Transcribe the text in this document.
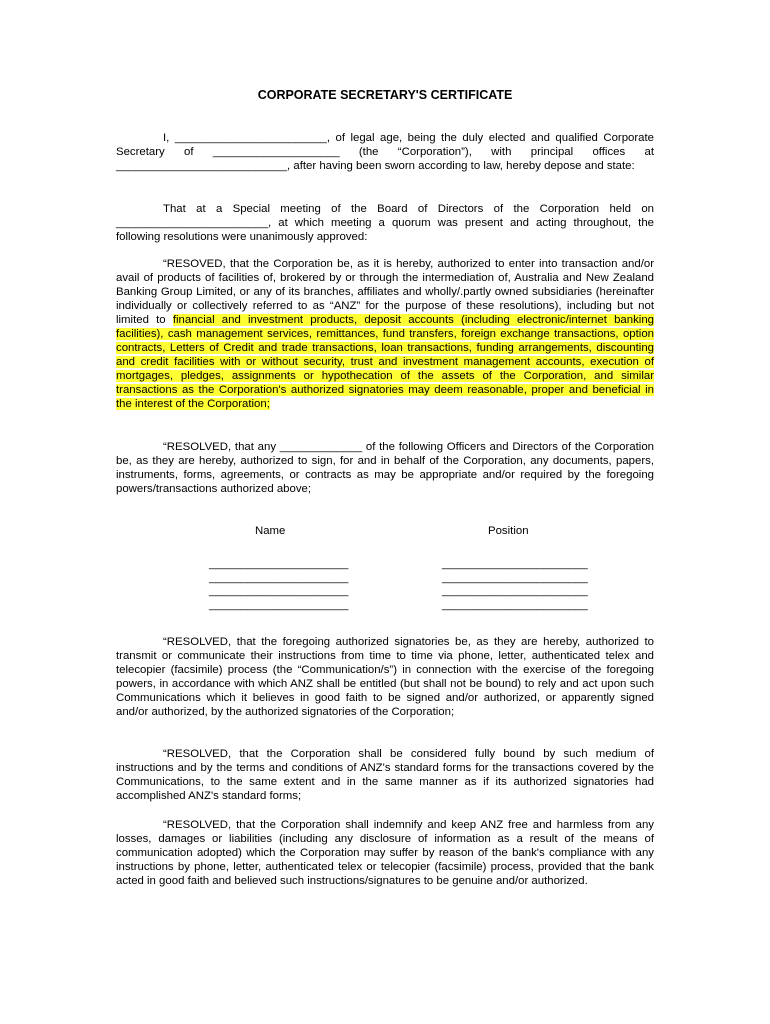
CORPORATE SECRETARY'S CERTIFICATE
I, ________________________, of legal age, being the duly elected and qualified Corporate Secretary of ____________________ (the “Corporation”), with principal offices at ___________________________, after having been sworn according to law, hereby depose and state:
That at a Special meeting of the Board of Directors of the Corporation held on ________________________, at which meeting a quorum was present and acting throughout, the following resolutions were unanimously approved:
“RESOVED, that the Corporation be, as it is hereby, authorized to enter into transaction and/or avail of products of facilities of, brokered by or through the intermediation of, Australia and New Zealand Banking Group Limited, or any of its branches, affiliates and wholly/.partly owned subsidiaries (hereinafter individually or collectively referred to as “ANZ” for the purpose of these resolutions), including but not limited to financial and investment products, deposit accounts (including electronic/internet banking facilities), cash management services, remittances, fund transfers, foreign exchange transactions, option contracts, Letters of Credit and trade transactions, loan transactions, funding arrangements, discounting and credit facilities with or without security, trust and investment management accounts, execution of mortgages, pledges, assignments or hypothecation of the assets of the Corporation, and similar transactions as the Corporation's authorized signatories may deem reasonable, proper and beneficial in the interest of the Corporation;
“RESOLVED, that any _____________ of the following Officers and Directors of the Corporation be, as they are hereby, authorized to sign, for and in behalf of the Corporation, any documents, papers, instruments, forms, agreements, or contracts as may be appropriate and/or required by the foregoing powers/transactions authorized above;
Name	Position
______________________
______________________
______________________
______________________
_______________________
_______________________
_______________________
_______________________
“RESOLVED, that the foregoing authorized signatories be, as they are hereby, authorized to transmit or communicate their instructions from time to time via phone, letter, authenticated telex and telecopier (facsimile) process (the “Communication/s”) in connection with the exercise of the foregoing powers, in accordance with which ANZ shall be entitled (but shall not be bound) to rely and act upon such Communications which it believes in good faith to be signed and/or authorized, or apparently signed and/or authorized, by the authorized signatories of the Corporation;
“RESOLVED, that the Corporation shall be considered fully bound by such medium of instructions and by the terms and conditions of ANZ's standard forms for the transactions covered by the Communications, to the same extent and in the same manner as if its authorized signatories had accomplished ANZ's standard forms;
“RESOLVED, that the Corporation shall indemnify and keep ANZ free and harmless from any losses, damages or liabilities (including any disclosure of information as a result of the means of communication adopted) which the Corporation may suffer by reason of the bank's compliance with any instructions by phone, letter, authenticated telex or telecopier (facsimile) process, provided that the bank acted in good faith and believed such instructions/signatures to be genuine and/or authorized.
